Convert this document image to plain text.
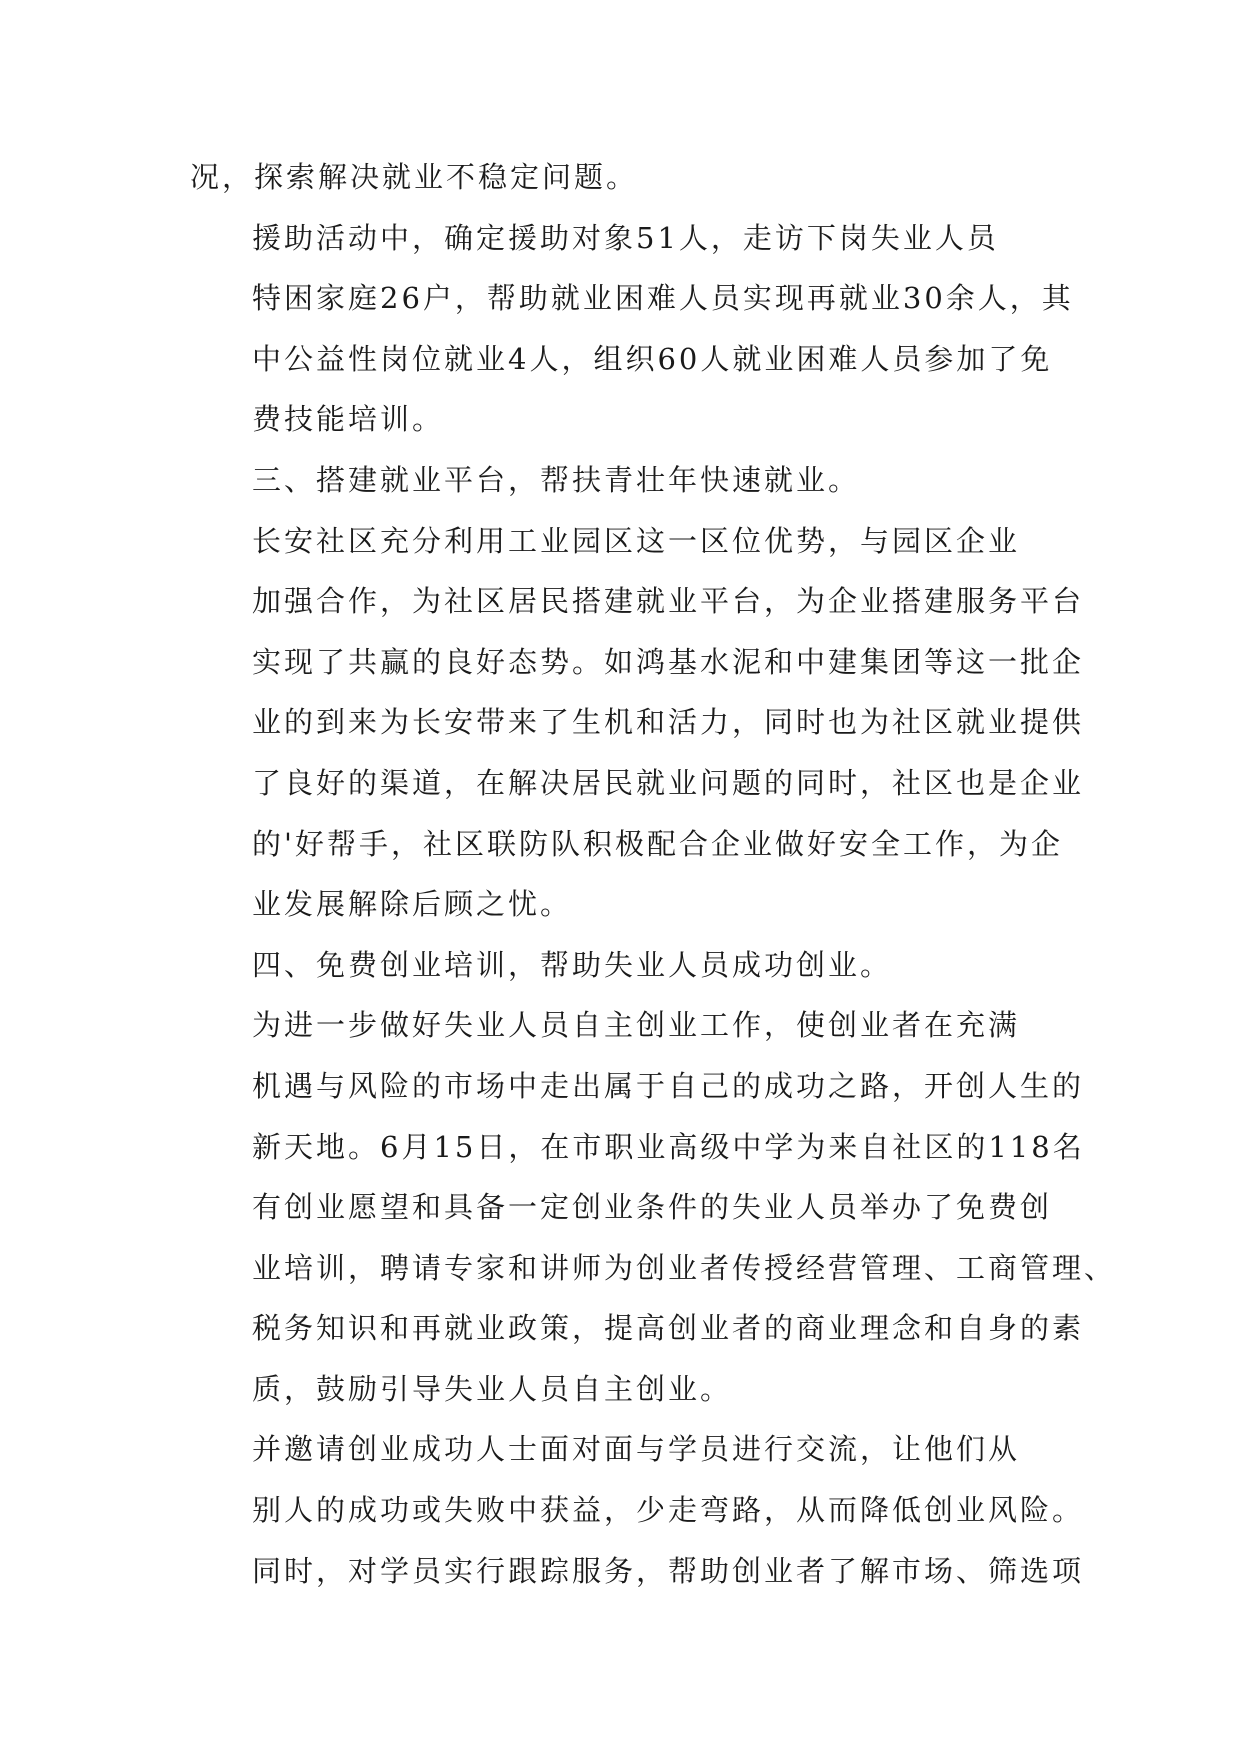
况，探索解决就业不稳定问题。

援助活动中，确定援助对象51人，走访下岗失业人员
特困家庭26户，帮助就业困难人员实现再就业30余人，其
中公益性岗位就业4人，组织60人就业困难人员参加了免
费技能培训。

三、搭建就业平台，帮扶青壮年快速就业。

长安社区充分利用工业园区这一区位优势，与园区企业
加强合作，为社区居民搭建就业平台，为企业搭建服务平台
实现了共赢的良好态势。如鸿基水泥和中建集团等这一批企
业的到来为长安带来了生机和活力，同时也为社区就业提供
了良好的渠道，在解决居民就业问题的同时，社区也是企业
的'好帮手，社区联防队积极配合企业做好安全工作，为企
业发展解除后顾之忧。

四、免费创业培训，帮助失业人员成功创业。

为进一步做好失业人员自主创业工作，使创业者在充满
机遇与风险的市场中走出属于自己的成功之路，开创人生的
新天地。6月15日，在市职业高级中学为来自社区的118名
有创业愿望和具备一定创业条件的失业人员举办了免费创
业培训，聘请专家和讲师为创业者传授经营管理、工商管理、
税务知识和再就业政策，提高创业者的商业理念和自身的素
质，鼓励引导失业人员自主创业。

并邀请创业成功人士面对面与学员进行交流，让他们从
别人的成功或失败中获益，少走弯路，从而降低创业风险。
同时，对学员实行跟踪服务，帮助创业者了解市场、筛选项
